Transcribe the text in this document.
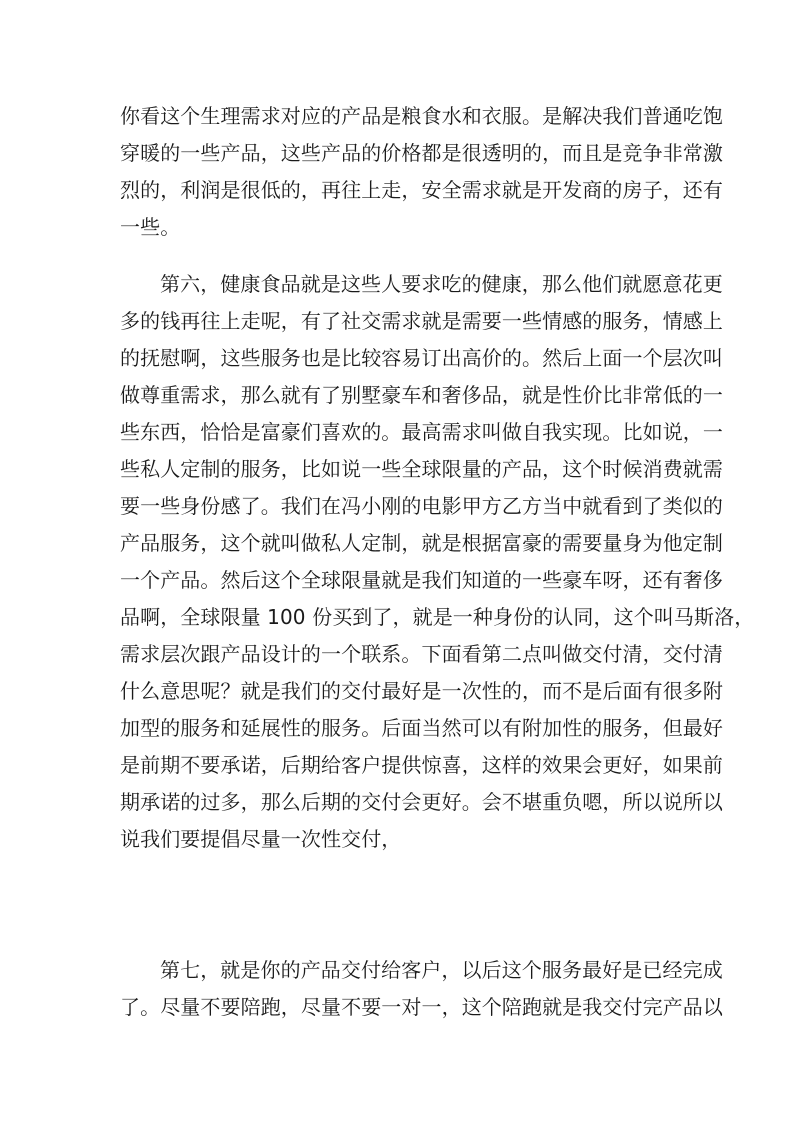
你看这个生理需求对应的产品是粮食水和衣服。是解决我们普通吃饱
穿暖的一些产品，这些产品的价格都是很透明的，而且是竞争非常激
烈的，利润是很低的，再往上走，安全需求就是开发商的房子，还有
一些。
第六，健康食品就是这些人要求吃的健康，那么他们就愿意花更
多的钱再往上走呢，有了社交需求就是需要一些情感的服务，情感上
的抚慰啊，这些服务也是比较容易订出高价的。然后上面一个层次叫
做尊重需求，那么就有了别墅豪车和奢侈品，就是性价比非常低的一
些东西，恰恰是富豪们喜欢的。最高需求叫做自我实现。比如说，一
些私人定制的服务，比如说一些全球限量的产品，这个时候消费就需
要一些身份感了。我们在冯小刚的电影甲方乙方当中就看到了类似的
产品服务，这个就叫做私人定制，就是根据富豪的需要量身为他定制
一个产品。然后这个全球限量就是我们知道的一些豪车呀，还有奢侈
品啊，全球限量 100 份买到了，就是一种身份的认同，这个叫马斯洛，
需求层次跟产品设计的一个联系。下面看第二点叫做交付清，交付清
什么意思呢？就是我们的交付最好是一次性的，而不是后面有很多附
加型的服务和延展性的服务。后面当然可以有附加性的服务，但最好
是前期不要承诺，后期给客户提供惊喜，这样的效果会更好，如果前
期承诺的过多，那么后期的交付会更好。会不堪重负嗯，所以说所以
说我们要提倡尽量一次性交付，
第七，就是你的产品交付给客户，以后这个服务最好是已经完成
了。尽量不要陪跑，尽量不要一对一，这个陪跑就是我交付完产品以
